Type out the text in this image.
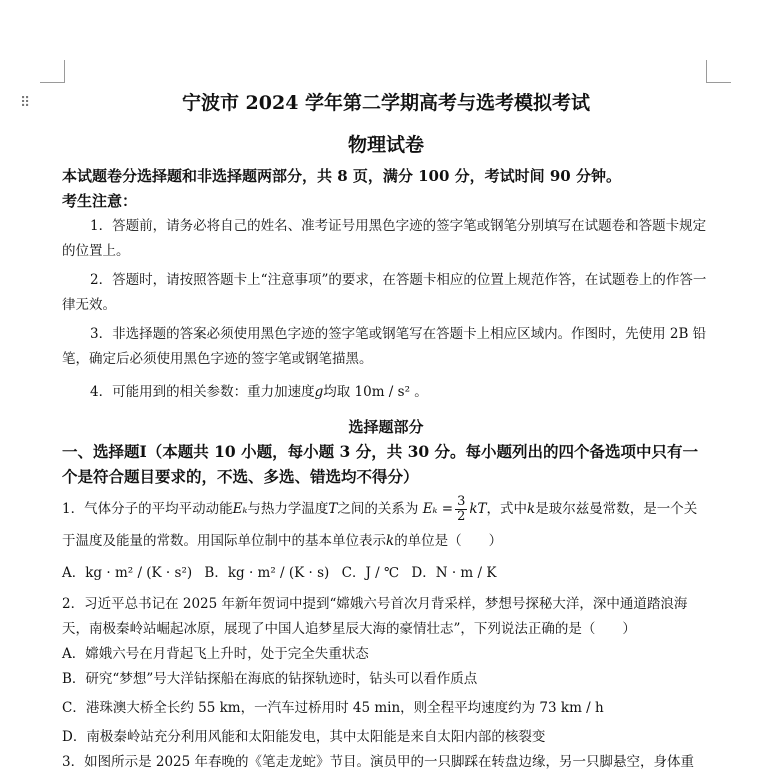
⠿	宁波市 2024 学年第二学期高考与选考模拟考试
物理试卷
本试题卷分选择题和非选择题两部分，共 8 页，满分 100 分，考试时间 90 分钟。
考生注意：
1．答题前，请务必将自己的姓名、准考证号用黑色字迹的签字笔或钢笔分别填写在试题卷和答题卡规定的位置上。
2．答题时，请按照答题卡上“注意事项”的要求，在答题卡相应的位置上规范作答，在试题卷上的作答一律无效。
3．非选择题的答案必须使用黑色字迹的签字笔或钢笔写在答题卡上相应区域内。作图时，先使用 2B 铅笔，确定后必须使用黑色字迹的签字笔或钢笔描黑。
4．可能用到的相关参数：重力加速度g均取 10m / s² 。
选择题部分
一、选择题Ⅰ（本题共 10 小题，每小题 3 分，共 30 分。每小题列出的四个备选项中只有一个是符合题目要求的，不选、多选、错选均不得分）
1．气体分子的平均平动动能Eₖ与热力学温度T之间的关系为 $E_k = \frac{3}{2}$ kT，式中k是玻尔兹曼常数，是一个关于温度及能量的常数。用国际单位制中的基本单位表示k的单位是（　　）
A．kg · m² / (K · s²) B．kg · m² / (K · s) C．J / ℃ D．N · m / K
2．习近平总书记在 2025 年新年贺词中提到“嫦娥六号首次月背采样，梦想号探秘大洋，深中通道踏浪海天，南极秦岭站崛起冰原，展现了中国人追梦星辰大海的豪情壮志”，下列说法正确的是（　　）
A．嫦娥六号在月背起飞上升时，处于完全失重状态
B．研究“梦想”号大洋钻探船在海底的钻探轨迹时，钻头可以看作质点
C．港珠澳大桥全长约 55 km，一汽车过桥用时 45 min，则全程平均速度约为 73 km / h
D．南极秦岭站充分利用风能和太阳能发电，其中太阳能是来自太阳内部的核裂变
3．如图所示是 2025 年春晚的《笔走龙蛇》节目。演员甲的一只脚踩在转盘边缘，另一只脚悬空，身体重
